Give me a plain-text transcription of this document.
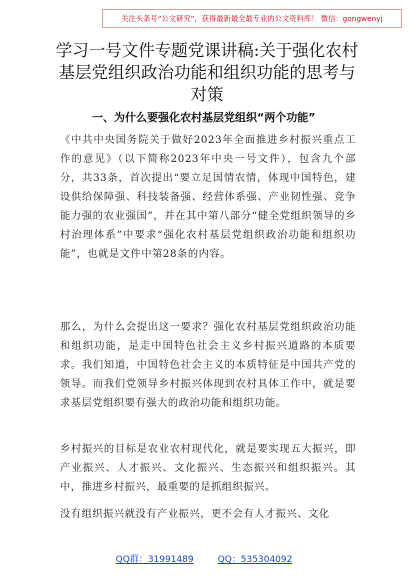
关注头条号“公文研究”，获得最新最全最专业的公文资料库！ 微信：gongwenyj
学习一号文件专题党课讲稿:关于强化农村基层党组织政治功能和组织功能的思考与对策
一、为什么要强化农村基层党组织“两个功能”
《中共中央国务院关于做好2023年全面推进乡村振兴重点工作的意见》（以下简称2023年中央一号文件），包含九个部分，共33条，首次提出“要立足国情农情，体现中国特色，建设供给保障强、科技装备强、经营体系强、产业韧性强、竞争能力强的农业强国”，并在其中第八部分“健全党组织领导的乡村治理体系”中要求“强化农村基层党组织政治功能和组织功能”，也就是文件中第28条的内容。
那么，为什么会提出这一要求？强化农村基层党组织政治功能和组织功能，是走中国特色社会主义乡村振兴道路的本质要求。我们知道，中国特色社会主义的本质特征是中国共产党的领导。而我们党领导乡村振兴体现到农村具体工作中，就是要求基层党组织要有强大的政治功能和组织功能。
乡村振兴的目标是农业农村现代化，就是要实现五大振兴，即产业振兴、人才振兴、文化振兴、生态振兴和组织振兴。其中，推进乡村振兴，最重要的是抓组织振兴。
没有组织振兴就没有产业振兴，更不会有人才振兴、文化
QQ群：31991489	QQ：535304092
